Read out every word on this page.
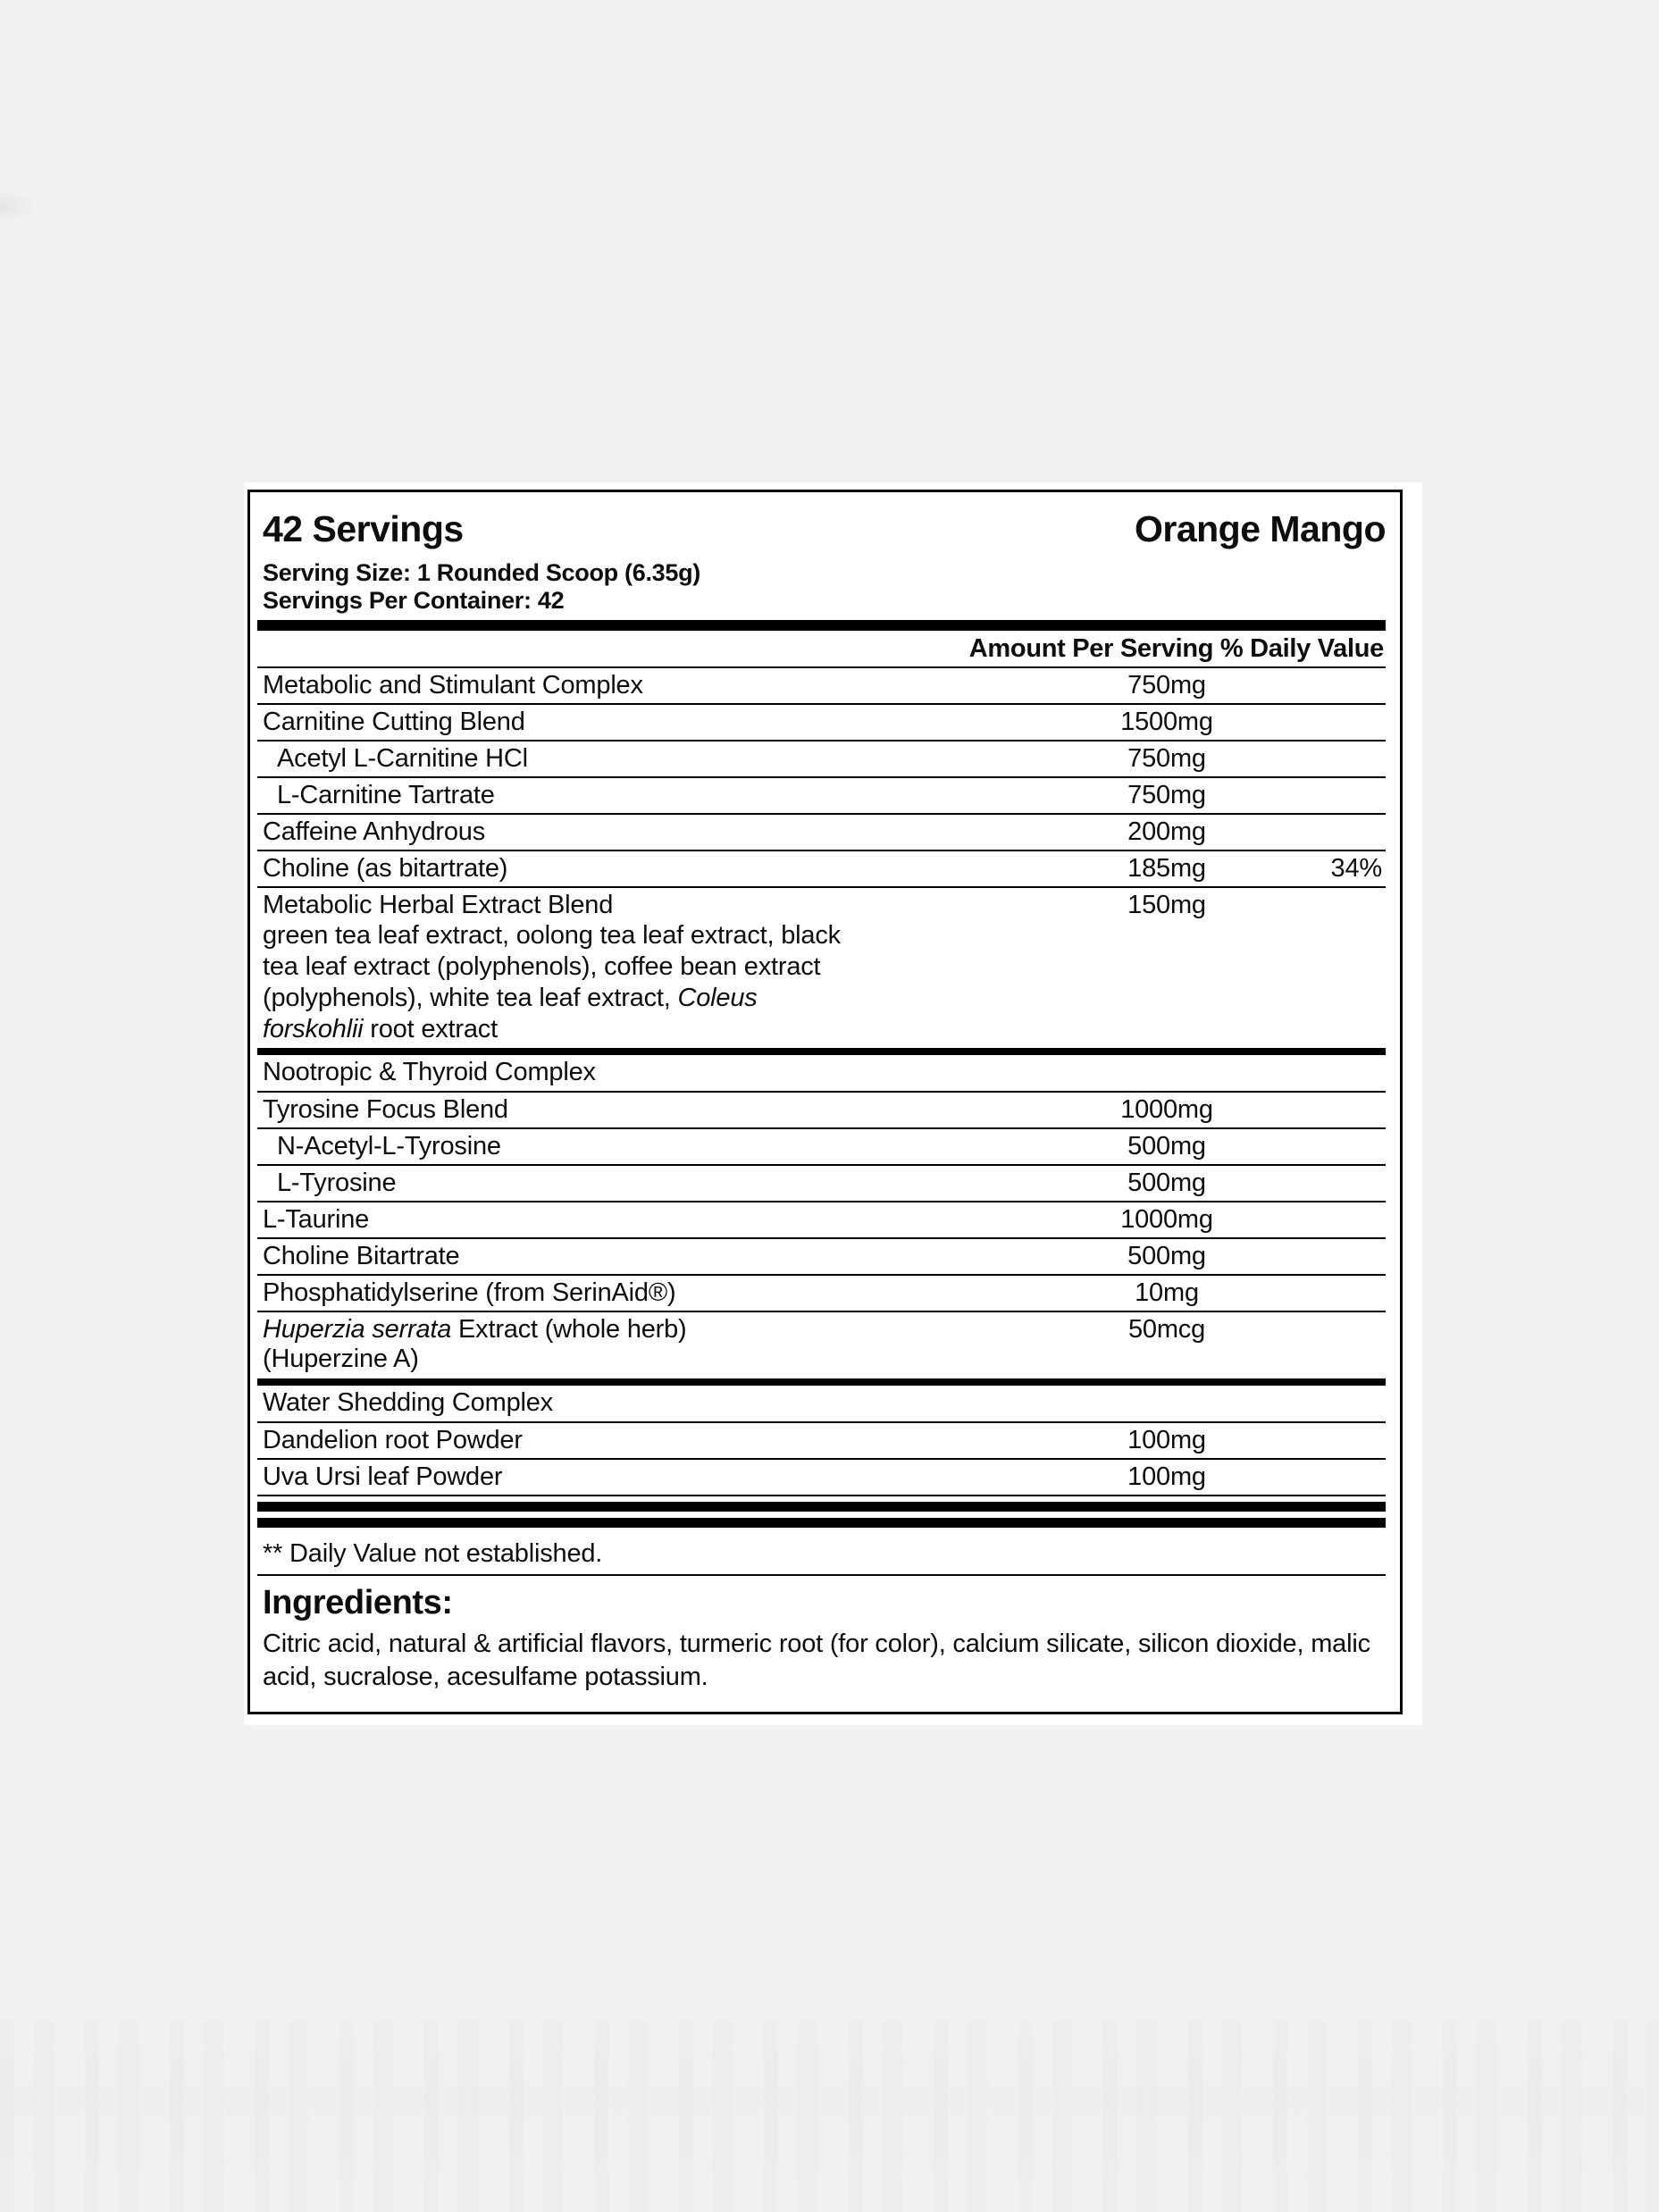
42 Servings	Orange Mango
Serving Size: 1 Rounded Scoop (6.35g)
Servings Per Container: 42
Amount Per Serving % Daily Value
Metabolic and Stimulant Complex	750mg
Carnitine Cutting Blend	1500mg
Acetyl L-Carnitine HCl	750mg
L-Carnitine Tartrate	750mg
Caffeine Anhydrous	200mg
Choline (as bitartrate)	185mg	34%
Metabolic Herbal Extract Blend	150mg
green tea leaf extract, oolong tea leaf extract, black
tea leaf extract (polyphenols), coffee bean extract
(polyphenols), white tea leaf extract, Coleus
forskohlii root extract
Nootropic & Thyroid Complex
Tyrosine Focus Blend	1000mg
N-Acetyl-L-Tyrosine	500mg
L-Tyrosine	500mg
L-Taurine	1000mg
Choline Bitartrate	500mg
Phosphatidylserine (from SerinAid®)	10mg
Huperzia serrata Extract (whole herb)	50mcg
(Huperzine A)
Water Shedding Complex
Dandelion root Powder	100mg
Uva Ursi leaf Powder	100mg
** Daily Value not established.
Ingredients:
Citric acid, natural & artificial flavors, turmeric root (for color), calcium silicate, silicon dioxide, malic acid, sucralose, acesulfame potassium.
